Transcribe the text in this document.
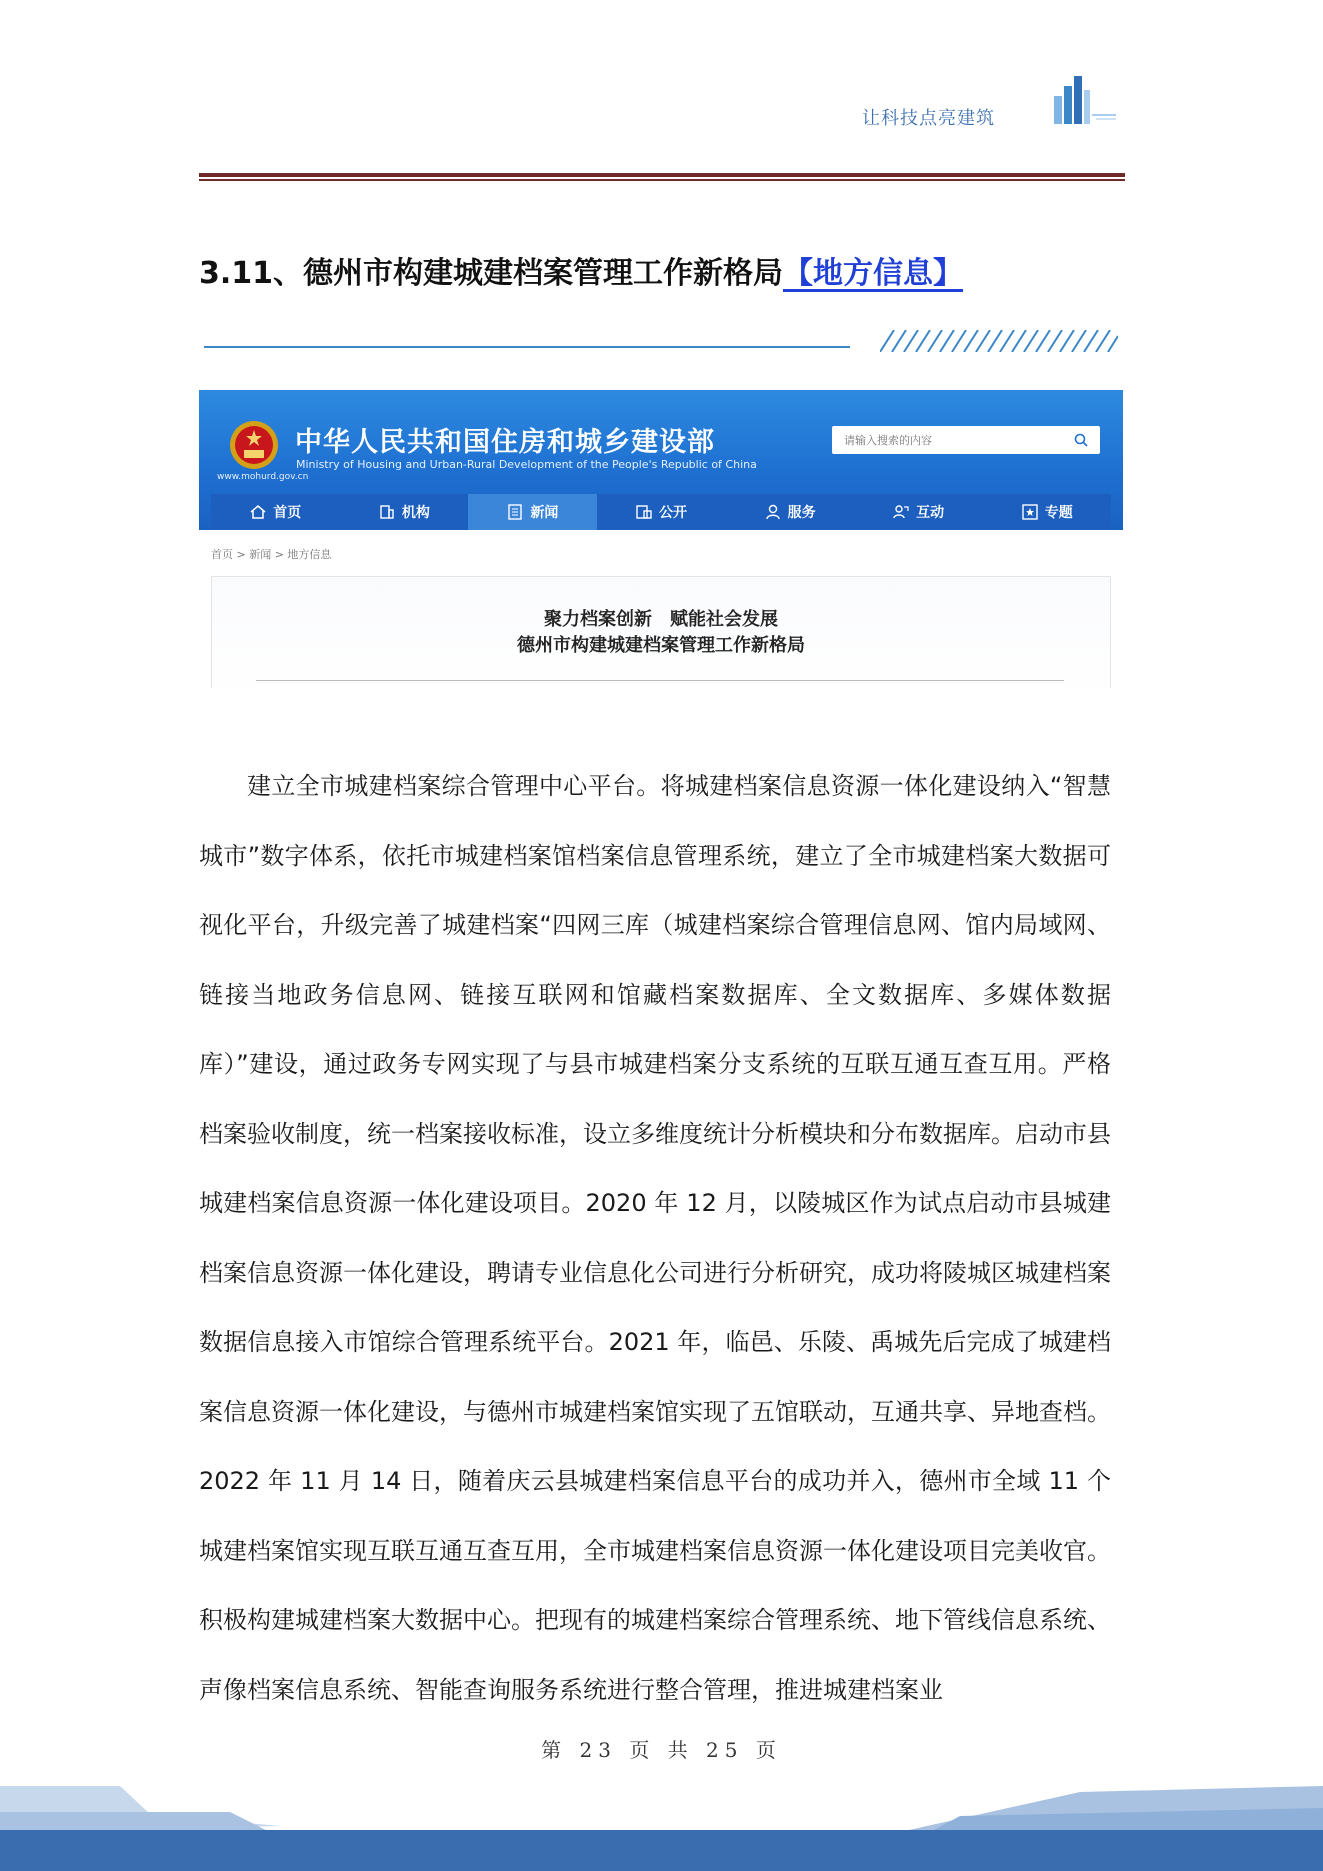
让科技点亮建筑
3.11、德州市构建城建档案管理工作新格局【地方信息】
中华人民共和国住房和城乡建设部
Ministry of Housing and Urban-Rural Development of the People's Republic of China
www.mohurd.gov.cn
请输入搜索的内容
首页	机构	新闻	公开	服务	互动	专题
首页 > 新闻 > 地方信息
聚力档案创新　赋能社会发展
德州市构建城建档案管理工作新格局

建立全市城建档案综合管理中心平台。将城建档案信息资源一体化建设纳入“智慧城市”数字体系，依托市城建档案馆档案信息管理系统，建立了全市城建档案大数据可视化平台，升级完善了城建档案“四网三库（城建档案综合管理信息网、馆内局域网、链接当地政务信息网、链接互联网和馆藏档案数据库、全文数据库、多媒体数据库）”建设，通过政务专网实现了与县市城建档案分支系统的互联互通互查互用。严格档案验收制度，统一档案接收标准，设立多维度统计分析模块和分布数据库。启动市县城建档案信息资源一体化建设项目。2020 年 12 月，以陵城区作为试点启动市县城建档案信息资源一体化建设，聘请专业信息化公司进行分析研究，成功将陵城区城建档案数据信息接入市馆综合管理系统平台。2021 年，临邑、乐陵、禹城先后完成了城建档案信息资源一体化建设，与德州市城建档案馆实现了五馆联动，互通共享、异地查档。2022 年 11 月 14 日，随着庆云县城建档案信息平台的成功并入，德州市全域 11 个城建档案馆实现互联互通互查互用，全市城建档案信息资源一体化建设项目完美收官。积极构建城建档案大数据中心。把现有的城建档案综合管理系统、地下管线信息系统、声像档案信息系统、智能查询服务系统进行整合管理，推进城建档案业

第 23 页 共 25 页
